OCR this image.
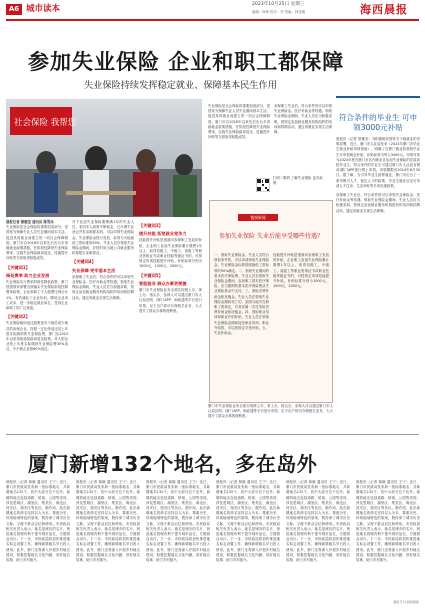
A6 城市读本	2023年10月25日 星期三
编辑：杨珍 校对：李 美编：林逸琳	海西晨报
参加失业保险 企业和职工都保障
失业保险持续发挥稳定就业、保障基本民生作用
社会保险 我帮您
晨报记者 蔡雅莹 通讯员 陈雪冰
失业保险是社会保险的重要组成部分，是国家为保障失业人员失业期间基本生活、促进其再就业而建立的一项社会保障制度。厦门市自2018年以来先后出台多项稳就业政策措施，在阶段性降低失业保险费率、实施失业保险稳岗返还、技能提升补贴等方面取得积极成效。
【关键词1】
降低费率 助力企业发展
失业保险实行费率阶段性降低政策，厦门按照国家部署全面落实失业保险阶段性降费率政策，企业和职工个人缴费比例合计1%。有效减轻了企业负担，降低企业用工成本，进一步稳定就业岗位，受到企业和职工的广泛欢迎。
【关键词2】
失业保险稳岗返还政策是对不裁员或少裁员的参保企业，按照一定比例返还其上年度实际缴纳的失业保险费，厦门从2023年以来持续延续稳岗返还政策，对大型企业按上年度实际缴纳失业保险费30%返还，中小微企业按60%返还。
对于参加失业保险缴费满1年的失业人员，非因本人意愿中断就业，已办理失业登记并有求职要求的，可以申领失业保险金。失业保险金按月发放，标准为当地最低工资标准的90%，失业人员在领取失业保险金期间，应按时到当地公共就业服务机构报告求职情况。
【关键词4】
失业保障 兜牢基本生活
参保职工失业后，符合条件的可以申领失业保险金、医疗补助金等待遇。领取失业保险金期间，失业人员应当积极求职，按规定参加就业服务机构组织的培训和招聘活动，通过再就业实现生活保障。
【关键词3】
提升技能 拓宽就业竞争力
技能提升补贴是指面向参保职工发放的补贴，企业职工参加失业保险累计缴费1年以上，取得初级工、中级工、高级工等职业资格证书或职业技能等级证书的，可按规定申请技能提升补贴。补贴标准分别为1000元、1500元、2000元。
【关键词5】
智能服务 群众办事更便捷
厦门市失业保险业务全面实现网上办、掌上办、指尖办，参保人可以通过厦门市人社局官网、i厦门APP、闽政通等平台进行申领，足不出户即可办理相关业务，大大提升了群众办事的便利度。
失业保险是社会保险的重要组成部分，是国家为保障失业人员失业期间基本生活、促进其再就业而建立的一项社会保障制度。厦门市自2018年以来先后出台多项稳就业政策措施，在阶段性降低失业保险费率、实施失业保险稳岗返还、技能提升补贴等方面取得积极成效。
参保职工失业后，符合条件的可以申领失业保险金、医疗补助金等待遇。领取失业保险金期间，失业人员应当积极求职，按规定参加就业服务机构组织的培训和招聘活动，通过再就业实现生活保障。
扫码二维码 了解失业保险 更多政策
链接新闻
参加失业保险 失业后能享受哪些待遇？
一、领取失业保险金。失业人员符合领取条件的，可以申请领取失业保险金。失业保险金标准按照最低工资标准的90%确定。二、领取失业期间的基本医疗保险费。失业人员在领取失业保险金期间，参加职工基本医疗保险，应当缴纳的基本医疗保险费从失业保险基金中支付。三、领取丧葬补助金和抚恤金。失业人员在领取失业保险金期间死亡的，参照当地对在职职工的规定，对其家属一次性发给丧葬补助金和抚恤金。四、领取职业培训和职业介绍补贴。失业人员在领取失业保险金期间接受职业培训、职业介绍的，可以按规定享受补贴。五、失业补助金。
技能提升补贴是指面向参保职工发放的补贴，企业职工参加失业保险累计缴费1年以上，取得初级工、中级工、高级工等职业资格证书或职业技能等级证书的，可按规定申请技能提升补贴。补贴标准分别为1000元、1500元、2000元。
厦门市失业保险业务全面实现网上办、掌上办、指尖办，参保人可以通过厦门市人社局官网、i厦门APP、闽政通等平台进行申领，足不出户即可办理相关业务，大大提升了群众办事的便利度。
符合条件的毕业生 可申领3000元补贴
晨报讯（记者 蔡雅莹）为积极响应国家关于稳就业的决策部署，近日，厦门市人社局发布《2023年厦门市毕业生就业补贴申领指南》，明确了在厦门就业的高校毕业生可申领就业补贴，补贴标准为每人3000元。申领对象为2023年度在厦门市区内就业且参加失业保险的应届高校毕业生，符合条件的毕业生可通过厦门市人社局官网或i厦门APP进行网上申领。申领期限至2024年6月30日。据了解，为引导毕业生留厦就业，厦门市出台了一系列吸引人才、留住人才的政策，毕业生就业后还可申请人才住房、生活补贴等多项优惠政策。
参保职工失业后，符合条件的可以申领失业保险金、医疗补助金等待遇。领取失业保险金期间，失业人员应当积极求职，按规定参加就业服务机构组织的培训和招聘活动，通过再就业实现生活保障。
厦门新增132个地名，多在岛外
晨报讯（记者 林晓 通讯员 王宁）近日，厦门市民政局发布新一批标准地名，共新增地名132个，其中大部分位于岛外。新增的地名包括道路、桥梁、公园等类别，涉及思明区、湖里区、集美区、海沧区、同安区、翔安区等各区。据介绍，此次新增地名的命名坚持以人为本、尊重历史、体现地域特色的原则，既传承了城市历史文脉，又便于群众记忆和使用。市民政局相关负责人表示，地名是城市的名片，规范地名管理有利于提升城市品位，方便群众出行。下一步，市民政局将加快推进地名标志设置工作，确保新增地名早日投入使用。此外，厦门还将深入开展乡村地名建设，积极挖掘地名文化内涵，讲好地名故事，助力乡村振兴。
晨报讯（记者 林晓 通讯员 王宁）近日，厦门市民政局发布新一批标准地名，共新增地名132个，其中大部分位于岛外。新增的地名包括道路、桥梁、公园等类别，涉及思明区、湖里区、集美区、海沧区、同安区、翔安区等各区。据介绍，此次新增地名的命名坚持以人为本、尊重历史、体现地域特色的原则，既传承了城市历史文脉，又便于群众记忆和使用。市民政局相关负责人表示，地名是城市的名片，规范地名管理有利于提升城市品位，方便群众出行。下一步，市民政局将加快推进地名标志设置工作，确保新增地名早日投入使用。此外，厦门还将深入开展乡村地名建设，积极挖掘地名文化内涵，讲好地名故事，助力乡村振兴。
晨报讯（记者 林晓 通讯员 王宁）近日，厦门市民政局发布新一批标准地名，共新增地名132个，其中大部分位于岛外。新增的地名包括道路、桥梁、公园等类别，涉及思明区、湖里区、集美区、海沧区、同安区、翔安区等各区。据介绍，此次新增地名的命名坚持以人为本、尊重历史、体现地域特色的原则，既传承了城市历史文脉，又便于群众记忆和使用。市民政局相关负责人表示，地名是城市的名片，规范地名管理有利于提升城市品位，方便群众出行。下一步，市民政局将加快推进地名标志设置工作，确保新增地名早日投入使用。此外，厦门还将深入开展乡村地名建设，积极挖掘地名文化内涵，讲好地名故事，助力乡村振兴。
晨报讯（记者 林晓 通讯员 王宁）近日，厦门市民政局发布新一批标准地名，共新增地名132个，其中大部分位于岛外。新增的地名包括道路、桥梁、公园等类别，涉及思明区、湖里区、集美区、海沧区、同安区、翔安区等各区。据介绍，此次新增地名的命名坚持以人为本、尊重历史、体现地域特色的原则，既传承了城市历史文脉，又便于群众记忆和使用。市民政局相关负责人表示，地名是城市的名片，规范地名管理有利于提升城市品位，方便群众出行。下一步，市民政局将加快推进地名标志设置工作，确保新增地名早日投入使用。此外，厦门还将深入开展乡村地名建设，积极挖掘地名文化内涵，讲好地名故事，助力乡村振兴。
晨报讯（记者 林晓 通讯员 王宁）近日，厦门市民政局发布新一批标准地名，共新增地名132个，其中大部分位于岛外。新增的地名包括道路、桥梁、公园等类别，涉及思明区、湖里区、集美区、海沧区、同安区、翔安区等各区。据介绍，此次新增地名的命名坚持以人为本、尊重历史、体现地域特色的原则，既传承了城市历史文脉，又便于群众记忆和使用。市民政局相关负责人表示，地名是城市的名片，规范地名管理有利于提升城市品位，方便群众出行。下一步，市民政局将加快推进地名标志设置工作，确保新增地名早日投入使用。此外，厦门还将深入开展乡村地名建设，积极挖掘地名文化内涵，讲好地名故事，助力乡村振兴。
晨报讯（记者 林晓 通讯员 王宁）近日，厦门市民政局发布新一批标准地名，共新增地名132个，其中大部分位于岛外。新增的地名包括道路、桥梁、公园等类别，涉及思明区、湖里区、集美区、海沧区、同安区、翔安区等各区。据介绍，此次新增地名的命名坚持以人为本、尊重历史、体现地域特色的原则，既传承了城市历史文脉，又便于群众记忆和使用。市民政局相关负责人表示，地名是城市的名片，规范地名管理有利于提升城市品位，方便群众出行。下一步，市民政局将加快推进地名标志设置工作，确保新增地名早日投入使用。此外，厦门还将深入开展乡村地名建设，积极挖掘地名文化内涵，讲好地名故事，助力乡村振兴。
晨报专刊 海西晨报
